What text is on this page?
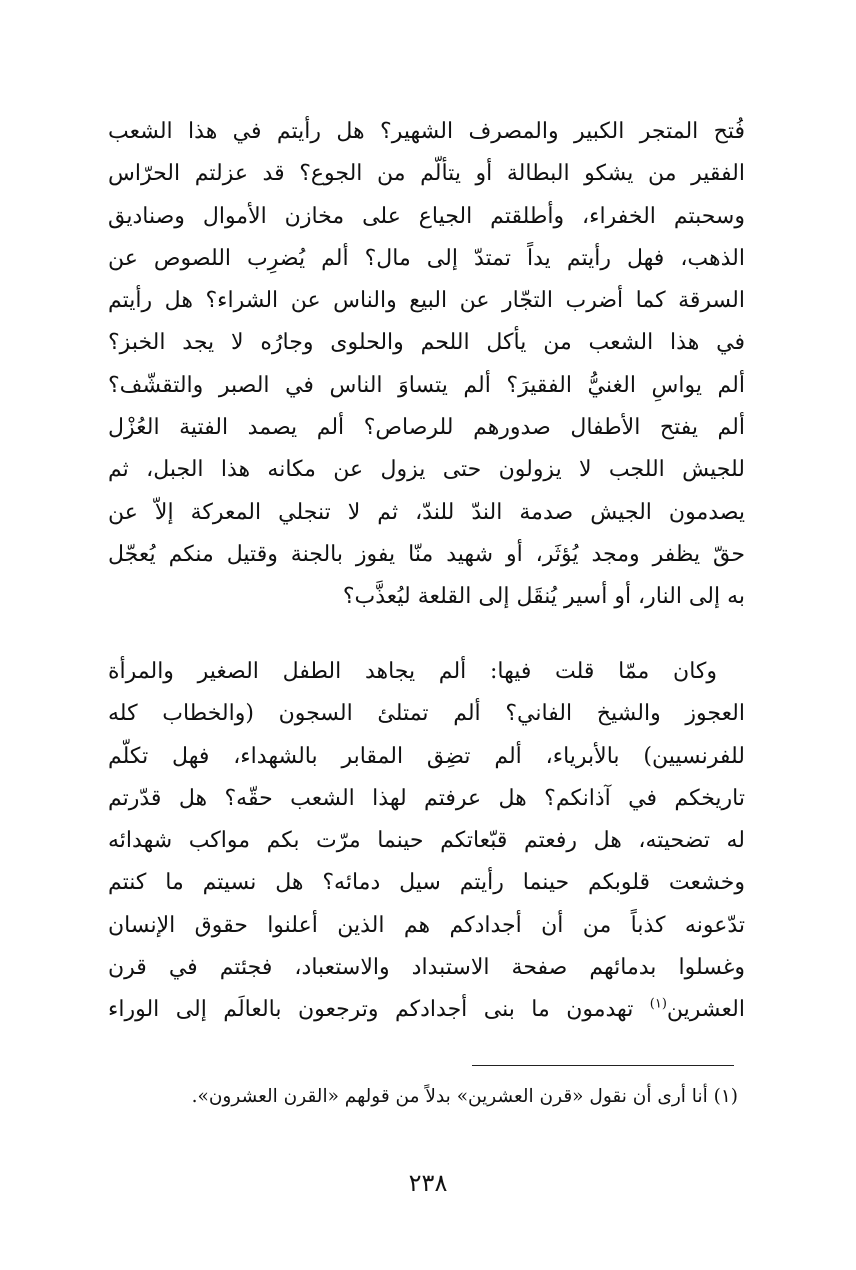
فُتح المتجر الكبير والمصرف الشهير؟ هل رأيتم في هذا الشعب
الفقير من يشكو البطالة أو يتألّم من الجوع؟ قد عزلتم الحرّاس
وسحبتم الخفراء، وأطلقتم الجياع على مخازن الأموال وصناديق
الذهب، فهل رأيتم يداً تمتدّ إلى مال؟ ألم يُضرِب اللصوص عن
السرقة كما أضرب التجّار عن البيع والناس عن الشراء؟ هل رأيتم
في هذا الشعب من يأكل اللحم والحلوى وجارُه لا يجد الخبز؟
ألم يواسِ الغنيُّ الفقيرَ؟ ألم يتساوَ الناس في الصبر والتقشّف؟
ألم يفتح الأطفال صدورهم للرصاص؟ ألم يصمد الفتية العُزْل
للجيش اللجب لا يزولون حتى يزول عن مكانه هذا الجبل، ثم
يصدمون الجيش صدمة الندّ للندّ، ثم لا تنجلي المعركة إلاّ عن
حقّ يظفر ومجد يُؤثَر، أو شهيد منّا يفوز بالجنة وقتيل منكم يُعجّل
به إلى النار، أو أسير يُنقَل إلى القلعة ليُعذَّب؟
وكان ممّا قلت فيها: ألم يجاهد الطفل الصغير والمرأة
العجوز والشيخ الفاني؟ ألم تمتلئ السجون (والخطاب كله
للفرنسيين) بالأبرياء، ألم تضِق المقابر بالشهداء، فهل تكلّم
تاريخكم في آذانكم؟ هل عرفتم لهذا الشعب حقّه؟ هل قدّرتم
له تضحيته، هل رفعتم قبّعاتكم حينما مرّت بكم مواكب شهدائه
وخشعت قلوبكم حينما رأيتم سيل دمائه؟ هل نسيتم ما كنتم
تدّعونه كذباً من أن أجدادكم هم الذين أعلنوا حقوق الإنسان
وغسلوا بدمائهم صفحة الاستبداد والاستعباد، فجئتم في قرن
العشرين$^{(١)}$ تهدمون ما بنى أجدادكم وترجعون بالعالَم إلى الوراء
(١) أنا أرى أن نقول «قرن العشرين» بدلاً من قولهم «القرن العشرون».
٢٣٨
